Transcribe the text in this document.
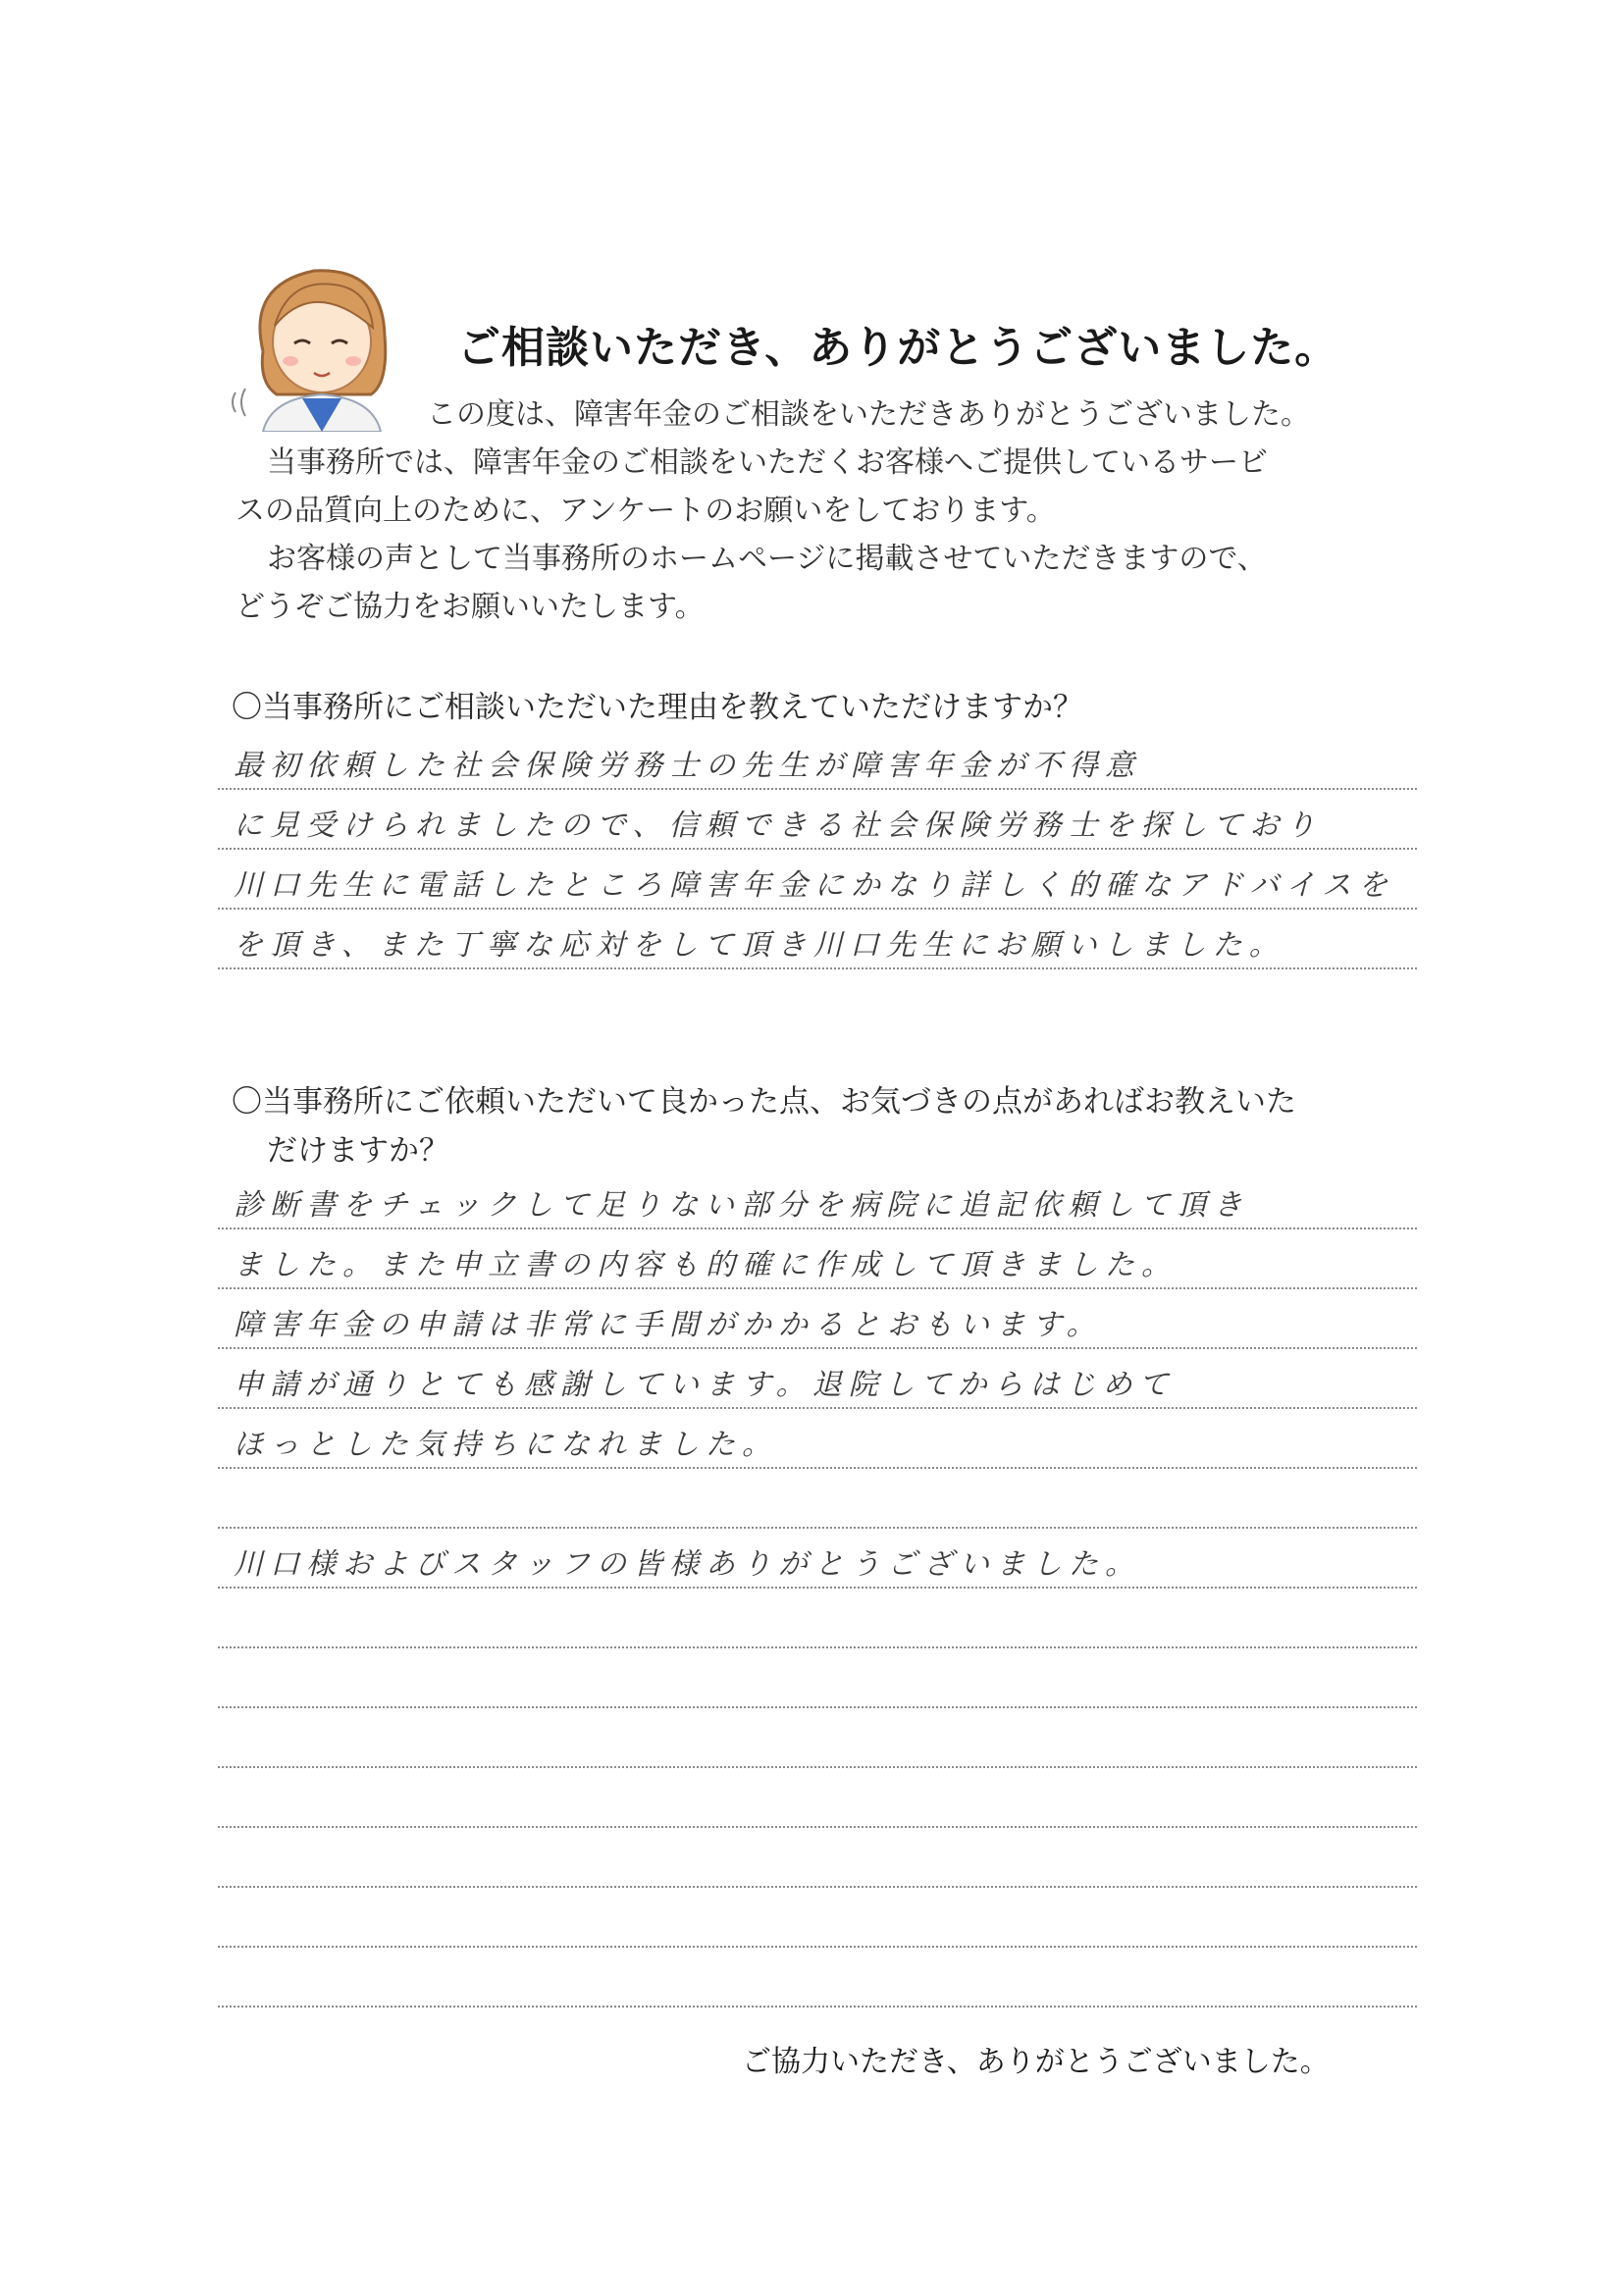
ご相談いただき、ありがとうございました。

この度は、障害年金のご相談をいただきありがとうございました。

当事務所では、障害年金のご相談をいただくお客様へご提供しているサービ

スの品質向上のために、アンケートのお願いをしております。

お客様の声として当事務所のホームページに掲載させていただきますので、

どうぞご協力をお願いいたします。

〇当事務所にご相談いただいた理由を教えていただけますか？
最初依頼した社会保険労務士の先生が障害年金が不得意
に見受けられましたので、信頼できる社会保険労務士を探しており
川口先生に電話したところ障害年金にかなり詳しく的確なアドバイスを
を頂き、また丁寧な応対をして頂き川口先生にお願いしました。
〇当事務所にご依頼いただいて良かった点、お気づきの点があればお教えいた
だけますか？
診断書をチェックして足りない部分を病院に追記依頼して頂き
ました。また申立書の内容も的確に作成して頂きました。
障害年金の申請は非常に手間がかかるとおもいます。
申請が通りとても感謝しています。退院してからはじめて
ほっとした気持ちになれました。
川口様およびスタッフの皆様ありがとうございました。
ご協力いただき、ありがとうございました。
